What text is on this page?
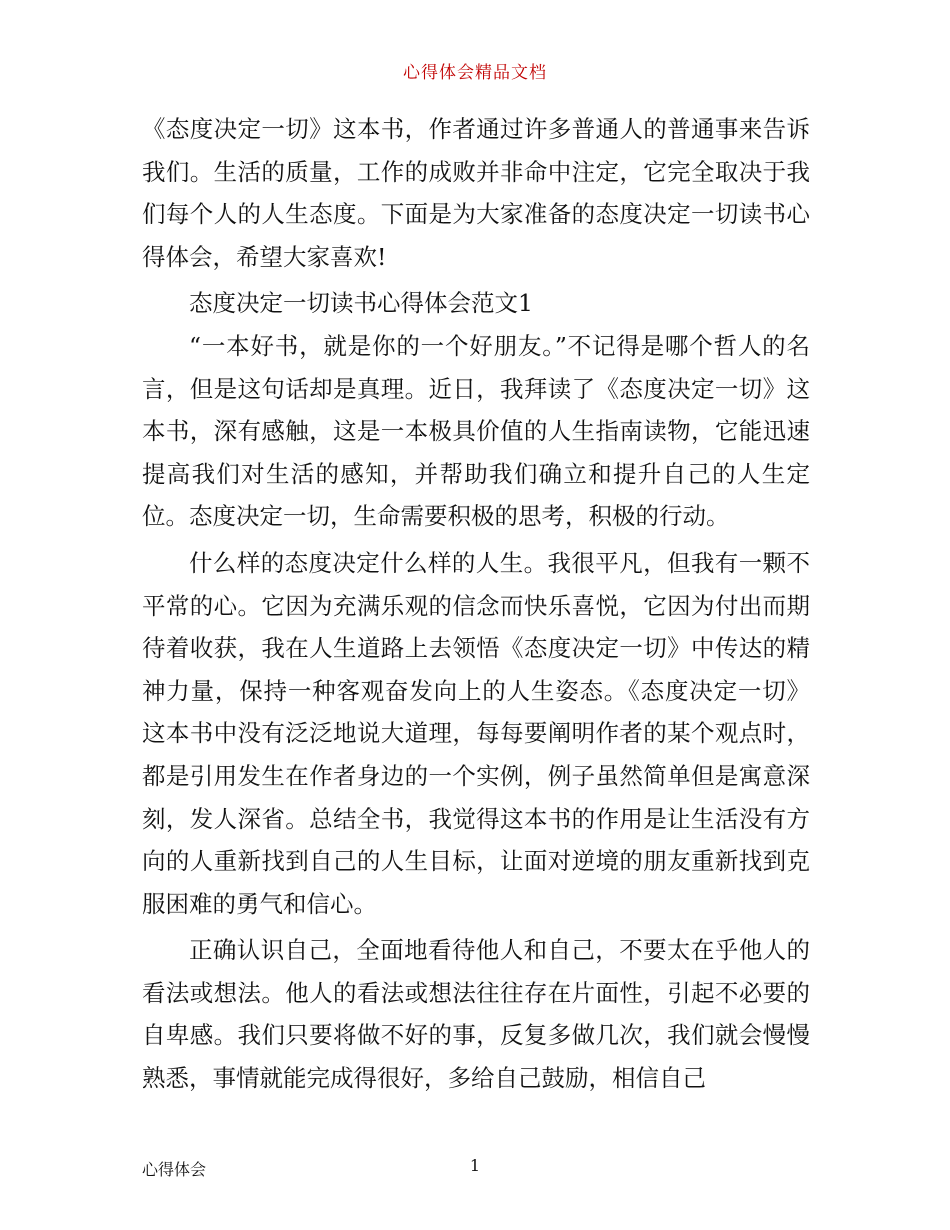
心得体会精品文档

《态度决定一切》这本书，作者通过许多普通人的普通事来告诉我们。生活的质量，工作的成败并非命中注定，它完全取决于我们每个人的人生态度。下面是为大家准备的态度决定一切读书心得体会，希望大家喜欢!

态度决定一切读书心得体会范文1

“一本好书，就是你的一个好朋友。”不记得是哪个哲人的名言，但是这句话却是真理。近日，我拜读了《态度决定一切》这本书，深有感触，这是一本极具价值的人生指南读物，它能迅速提高我们对生活的感知，并帮助我们确立和提升自己的人生定位。态度决定一切，生命需要积极的思考，积极的行动。

什么样的态度决定什么样的人生。我很平凡，但我有一颗不平常的心。它因为充满乐观的信念而快乐喜悦，它因为付出而期待着收获，我在人生道路上去领悟《态度决定一切》中传达的精神力量，保持一种客观奋发向上的人生姿态。《态度决定一切》这本书中没有泛泛地说大道理，每每要阐明作者的某个观点时，都是引用发生在作者身边的一个实例，例子虽然简单但是寓意深刻，发人深省。总结全书，我觉得这本书的作用是让生活没有方向的人重新找到自己的人生目标，让面对逆境的朋友重新找到克服困难的勇气和信心。

正确认识自己，全面地看待他人和自己，不要太在乎他人的看法或想法。他人的看法或想法往往存在片面性，引起不必要的自卑感。我们只要将做不好的事，反复多做几次，我们就会慢慢熟悉，事情就能完成得很好，多给自己鼓励，相信自己

心得体会	1
